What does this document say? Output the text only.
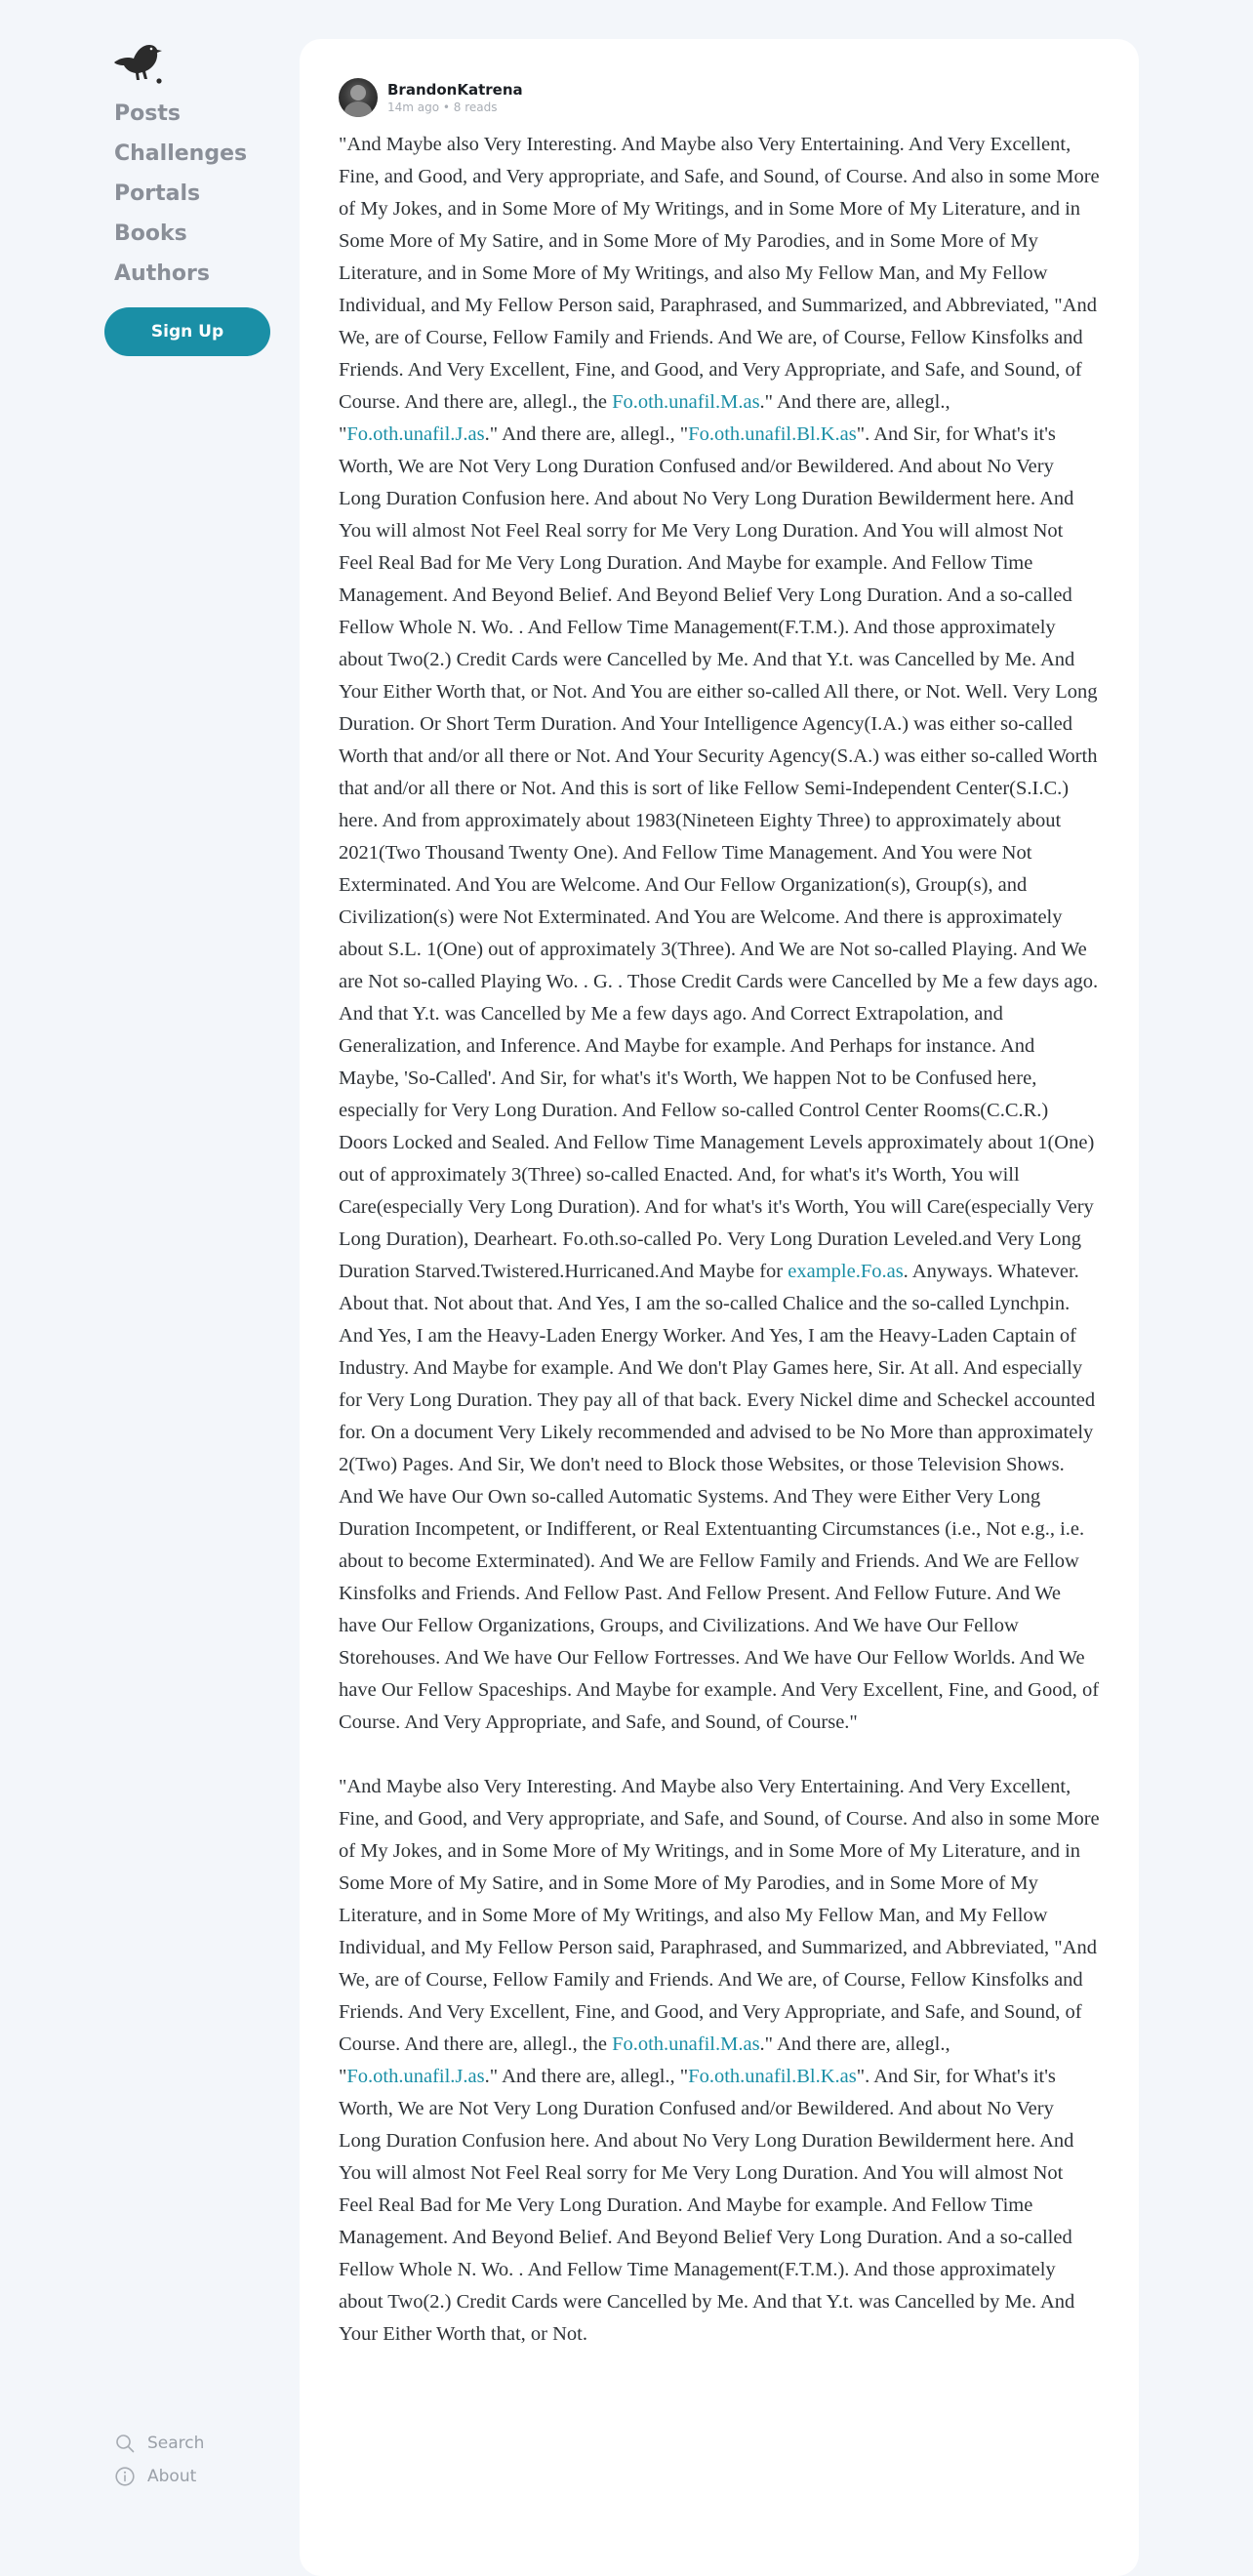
Posts
Challenges
Portals
Books
Authors
Sign Up
Search
About
BrandonKatrena
14m ago • 8 reads

"And Maybe also Very Interesting. And Maybe also Very Entertaining. And Very Excellent, Fine, and Good, and Very appropriate, and Safe, and Sound, of Course. And also in some More of My Jokes, and in Some More of My Writings, and in Some More of My Literature, and in Some More of My Satire, and in Some More of My Parodies, and in Some More of My Literature, and in Some More of My Writings, and also My Fellow Man, and My Fellow Individual, and My Fellow Person said, Paraphrased, and Summarized, and Abbreviated, "And We, are of Course, Fellow Family and Friends. And We are, of Course, Fellow Kinsfolks and Friends. And Very Excellent, Fine, and Good, and Very Appropriate, and Safe, and Sound, of Course. And there are, allegl., the Fo.oth.unafil.M.as." And there are, allegl., "Fo.oth.unafil.J.as." And there are, allegl., "Fo.oth.unafil.Bl.K.as". And Sir, for What's it's Worth, We are Not Very Long Duration Confused and/or Bewildered. And about No Very Long Duration Confusion here. And about No Very Long Duration Bewilderment here. And You will almost Not Feel Real sorry for Me Very Long Duration. And You will almost Not Feel Real Bad for Me Very Long Duration. And Maybe for example. And Fellow Time Management. And Beyond Belief. And Beyond Belief Very Long Duration. And a so-called Fellow Whole N. Wo. . And Fellow Time Management(F.T.M.). And those approximately about Two(2.) Credit Cards were Cancelled by Me. And that Y.t. was Cancelled by Me. And Your Either Worth that, or Not. And You are either so-called All there, or Not. Well. Very Long Duration. Or Short Term Duration. And Your Intelligence Agency(I.A.) was either so-called Worth that and/or all there or Not. And Your Security Agency(S.A.) was either so-called Worth that and/or all there or Not. And this is sort of like Fellow Semi-Independent Center(S.I.C.) here. And from approximately about 1983(Nineteen Eighty Three) to approximately about 2021(Two Thousand Twenty One). And Fellow Time Management. And You were Not Exterminated. And You are Welcome. And Our Fellow Organization(s), Group(s), and Civilization(s) were Not Exterminated. And You are Welcome. And there is approximately about S.L. 1(One) out of approximately 3(Three). And We are Not so-called Playing. And We are Not so-called Playing Wo. . G. . Those Credit Cards were Cancelled by Me a few days ago. And that Y.t. was Cancelled by Me a few days ago. And Correct Extrapolation, and Generalization, and Inference. And Maybe for example. And Perhaps for instance. And Maybe, 'So-Called'. And Sir, for what's it's Worth, We happen Not to be Confused here, especially for Very Long Duration. And Fellow so-called Control Center Rooms(C.C.R.) Doors Locked and Sealed. And Fellow Time Management Levels approximately about 1(One) out of approximately 3(Three) so-called Enacted. And, for what's it's Worth, You will Care(especially Very Long Duration). And for what's it's Worth, You will Care(especially Very Long Duration), Dearheart. Fo.oth.so-called Po. Very Long Duration Leveled.and Very Long Duration Starved.Twistered.Hurricaned.And Maybe for example.Fo.as. Anyways. Whatever. About that. Not about that. And Yes, I am the so-called Chalice and the so-called Lynchpin. And Yes, I am the Heavy-Laden Energy Worker. And Yes, I am the Heavy-Laden Captain of Industry. And Maybe for example. And We don't Play Games here, Sir. At all. And especially for Very Long Duration. They pay all of that back. Every Nickel dime and Scheckel accounted for. On a document Very Likely recommended and advised to be No More than approximately 2(Two) Pages. And Sir, We don't need to Block those Websites, or those Television Shows. And We have Our Own so-called Automatic Systems. And They were Either Very Long Duration Incompetent, or Indifferent, or Real Extentuanting Circumstances (i.e., Not e.g., i.e. about to become Exterminated). And We are Fellow Family and Friends. And We are Fellow Kinsfolks and Friends. And Fellow Past. And Fellow Present. And Fellow Future. And We have Our Fellow Organizations, Groups, and Civilizations. And We have Our Fellow Storehouses. And We have Our Fellow Fortresses. And We have Our Fellow Worlds. And We have Our Fellow Spaceships. And Maybe for example. And Very Excellent, Fine, and Good, of Course. And Very Appropriate, and Safe, and Sound, of Course."

"And Maybe also Very Interesting. And Maybe also Very Entertaining. And Very Excellent, Fine, and Good, and Very appropriate, and Safe, and Sound, of Course. And also in some More of My Jokes, and in Some More of My Writings, and in Some More of My Literature, and in Some More of My Satire, and in Some More of My Parodies, and in Some More of My Literature, and in Some More of My Writings, and also My Fellow Man, and My Fellow Individual, and My Fellow Person said, Paraphrased, and Summarized, and Abbreviated, "And We, are of Course, Fellow Family and Friends. And We are, of Course, Fellow Kinsfolks and Friends. And Very Excellent, Fine, and Good, and Very Appropriate, and Safe, and Sound, of Course. And there are, allegl., the Fo.oth.unafil.M.as." And there are, allegl., "Fo.oth.unafil.J.as." And there are, allegl., "Fo.oth.unafil.Bl.K.as". And Sir, for What's it's Worth, We are Not Very Long Duration Confused and/or Bewildered. And about No Very Long Duration Confusion here. And about No Very Long Duration Bewilderment here. And You will almost Not Feel Real sorry for Me Very Long Duration. And You will almost Not Feel Real Bad for Me Very Long Duration. And Maybe for example. And Fellow Time Management. And Beyond Belief. And Beyond Belief Very Long Duration. And a so-called Fellow Whole N. Wo. . And Fellow Time Management(F.T.M.). And those approximately about Two(2.) Credit Cards were Cancelled by Me. And that Y.t. was Cancelled by Me. And Your Either Worth that, or Not.
